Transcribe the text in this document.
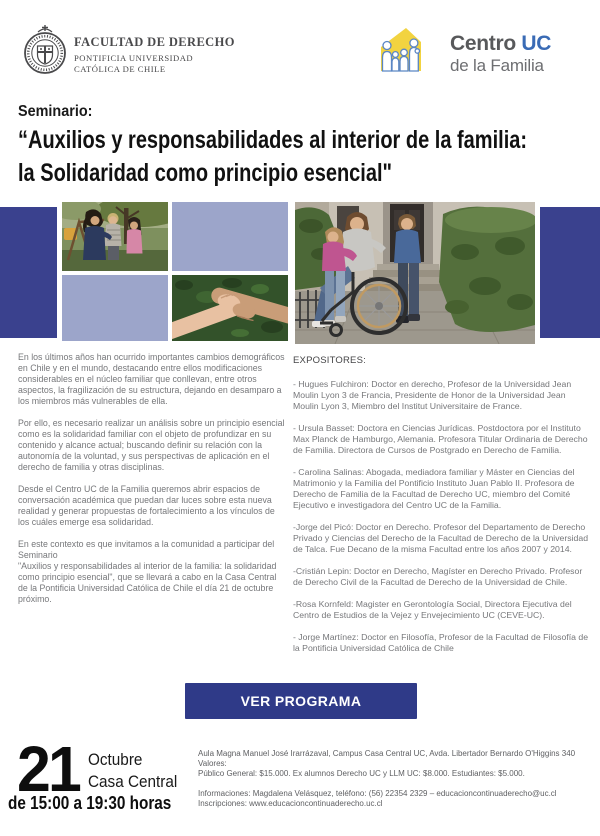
FACULTAD DE DERECHO
PONTIFICIA UNIVERSIDAD
CATÓLICA DE CHILE
Centro UC
de la Familia
Seminario:
“Auxilios y responsabilidades al interior de la familia:
la Solidaridad como principio esencial"

En los últimos años han ocurrido importantes cambios demográficos en Chile y en el mundo, destacando entre ellos modificaciones considerables en el núcleo familiar que conllevan, entre otros aspectos, la fragilización de su estructura, dejando en desamparo a los miembros más vulnerables de ella.

Por ello, es necesario realizar un análisis sobre un principio esencial como es la solidaridad familiar con el objeto de profundizar en su contenido y alcance actual; buscando definir su relación con la autonomía de la voluntad, y sus perspectivas de aplicación en el derecho de familia y otras disciplinas.

Desde el Centro UC de la Familia queremos abrir espacios de conversación académica que puedan dar luces sobre esta nueva realidad y generar propuestas de fortalecimiento a los vínculos de los cuáles emerge esa solidaridad.

En este contexto es que invitamos a la comunidad a participar del Seminario

"Auxilios y responsabilidades al interior de la familia: la solidaridad como principio esencial", que se llevará a cabo en la Casa Central de la Pontificia Universidad Católica de Chile el día 21 de octubre próximo.

EXPOSITORES:

- Hugues Fulchiron: Doctor en derecho, Profesor de la Universidad Jean Moulin Lyon 3 de Francia, Presidente de Honor de la Universidad Jean Moulin Lyon 3, Miembro del Institut Universitaire de France.

- Ursula Basset: Doctora en Ciencias Jurídicas. Postdoctora por el Instituto Max Planck de Hamburgo, Alemania. Profesora Titular Ordinaria de Derecho de Familia. Directora de Cursos de Postgrado en Derecho de Familia.

- Carolina Salinas: Abogada, mediadora familiar y Máster en Ciencias del Matrimonio y la Familia del Pontificio Instituto Juan Pablo II. Profesora de Derecho de Familia de la Facultad de Derecho UC, miembro del Comité Ejecutivo e investigadora del Centro UC de la Familia.

-Jorge del Picó: Doctor en Derecho. Profesor del Departamento de Derecho Privado y Ciencias del Derecho de la Facultad de Derecho de la Universidad de Talca. Fue Decano de la misma Facultad entre los años 2007 y 2014.

-Cristián Lepin: Doctor en Derecho, Magíster en Derecho Privado. Profesor de Derecho Civil de la Facultad de Derecho de la Universidad de Chile.

-Rosa Kornfeld: Magister en Gerontología Social, Directora Ejecutiva del Centro de Estudios de la Vejez y Envejecimiento UC (CEVE-UC).

- Jorge Martínez: Doctor en Filosofía, Profesor de la Facultad de Filosofía de la Pontificia Universidad Católica de Chile

VER PROGRAMA
21 Octubre
Casa Central
de 15:00 a 19:30 horas
Aula Magna Manuel José Irarrázaval, Campus Casa Central UC, Avda. Libertador Bernardo O'Higgins 340
Valores:
Público General: $15.000. Ex alumnos Derecho UC y LLM UC: $8.000. Estudiantes: $5.000.
Informaciones: Magdalena Velásquez, teléfono: (56) 22354 2329 – educacioncontinuaderecho@uc.cl
Inscripciones: www.educacioncontinuaderecho.uc.cl
